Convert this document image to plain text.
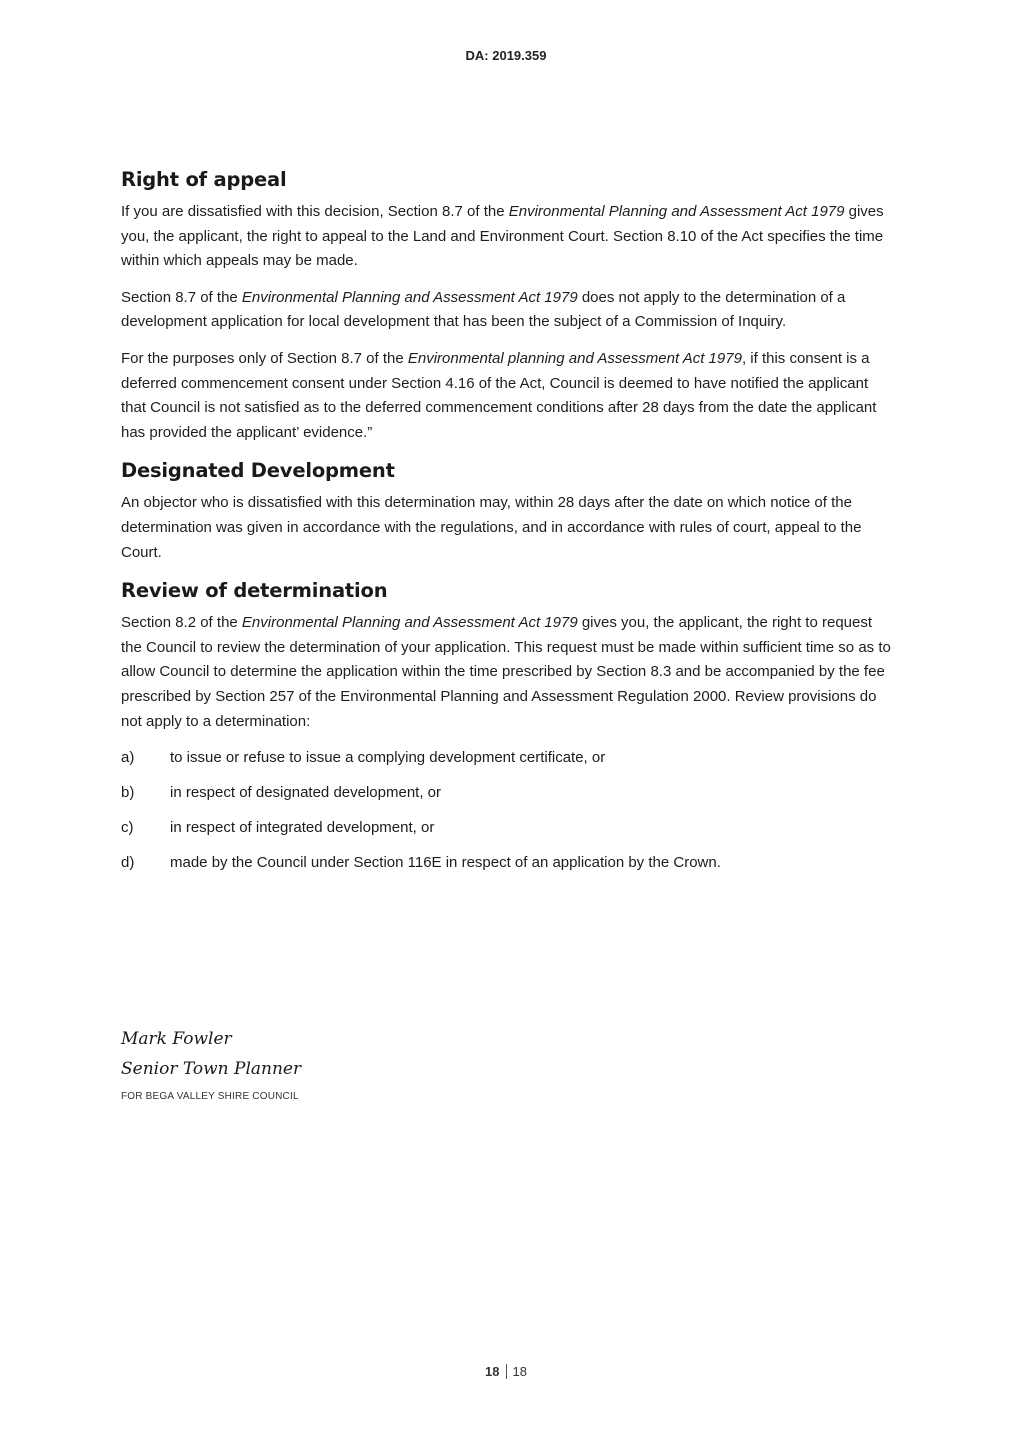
DA: 2019.359
Right of appeal

If you are dissatisfied with this decision, Section 8.7 of the Environmental Planning and Assessment Act 1979 gives you, the applicant, the right to appeal to the Land and Environment Court. Section 8.10 of the Act specifies the time within which appeals may be made.

Section 8.7 of the Environmental Planning and Assessment Act 1979 does not apply to the determination of a development application for local development that has been the subject of a Commission of Inquiry.

For the purposes only of Section 8.7 of the Environmental planning and Assessment Act 1979, if this consent is a deferred commencement consent under Section 4.16 of the Act, Council is deemed to have notified the applicant that Council is not satisfied as to the deferred commencement conditions after 28 days from the date the applicant has provided the applicant’ evidence.”

Designated Development

An objector who is dissatisfied with this determination may, within 28 days after the date on which notice of the determination was given in accordance with the regulations, and in accordance with rules of court, appeal to the Court.

Review of determination

Section 8.2 of the Environmental Planning and Assessment Act 1979 gives you, the applicant, the right to request the Council to review the determination of your application. This request must be made within sufficient time so as to allow Council to determine the application within the time prescribed by Section 8.3 and be accompanied by the fee prescribed by Section 257 of the Environmental Planning and Assessment Regulation 2000. Review provisions do not apply to a determination:

a)	to issue or refuse to issue a complying development certificate, or
b)	in respect of designated development, or
c)	in respect of integrated development, or
d)	made by the Council under Section 116E in respect of an application by the Crown.
Mark Fowler
Senior Town Planner
FOR BEGA VALLEY SHIRE COUNCIL
18 18
